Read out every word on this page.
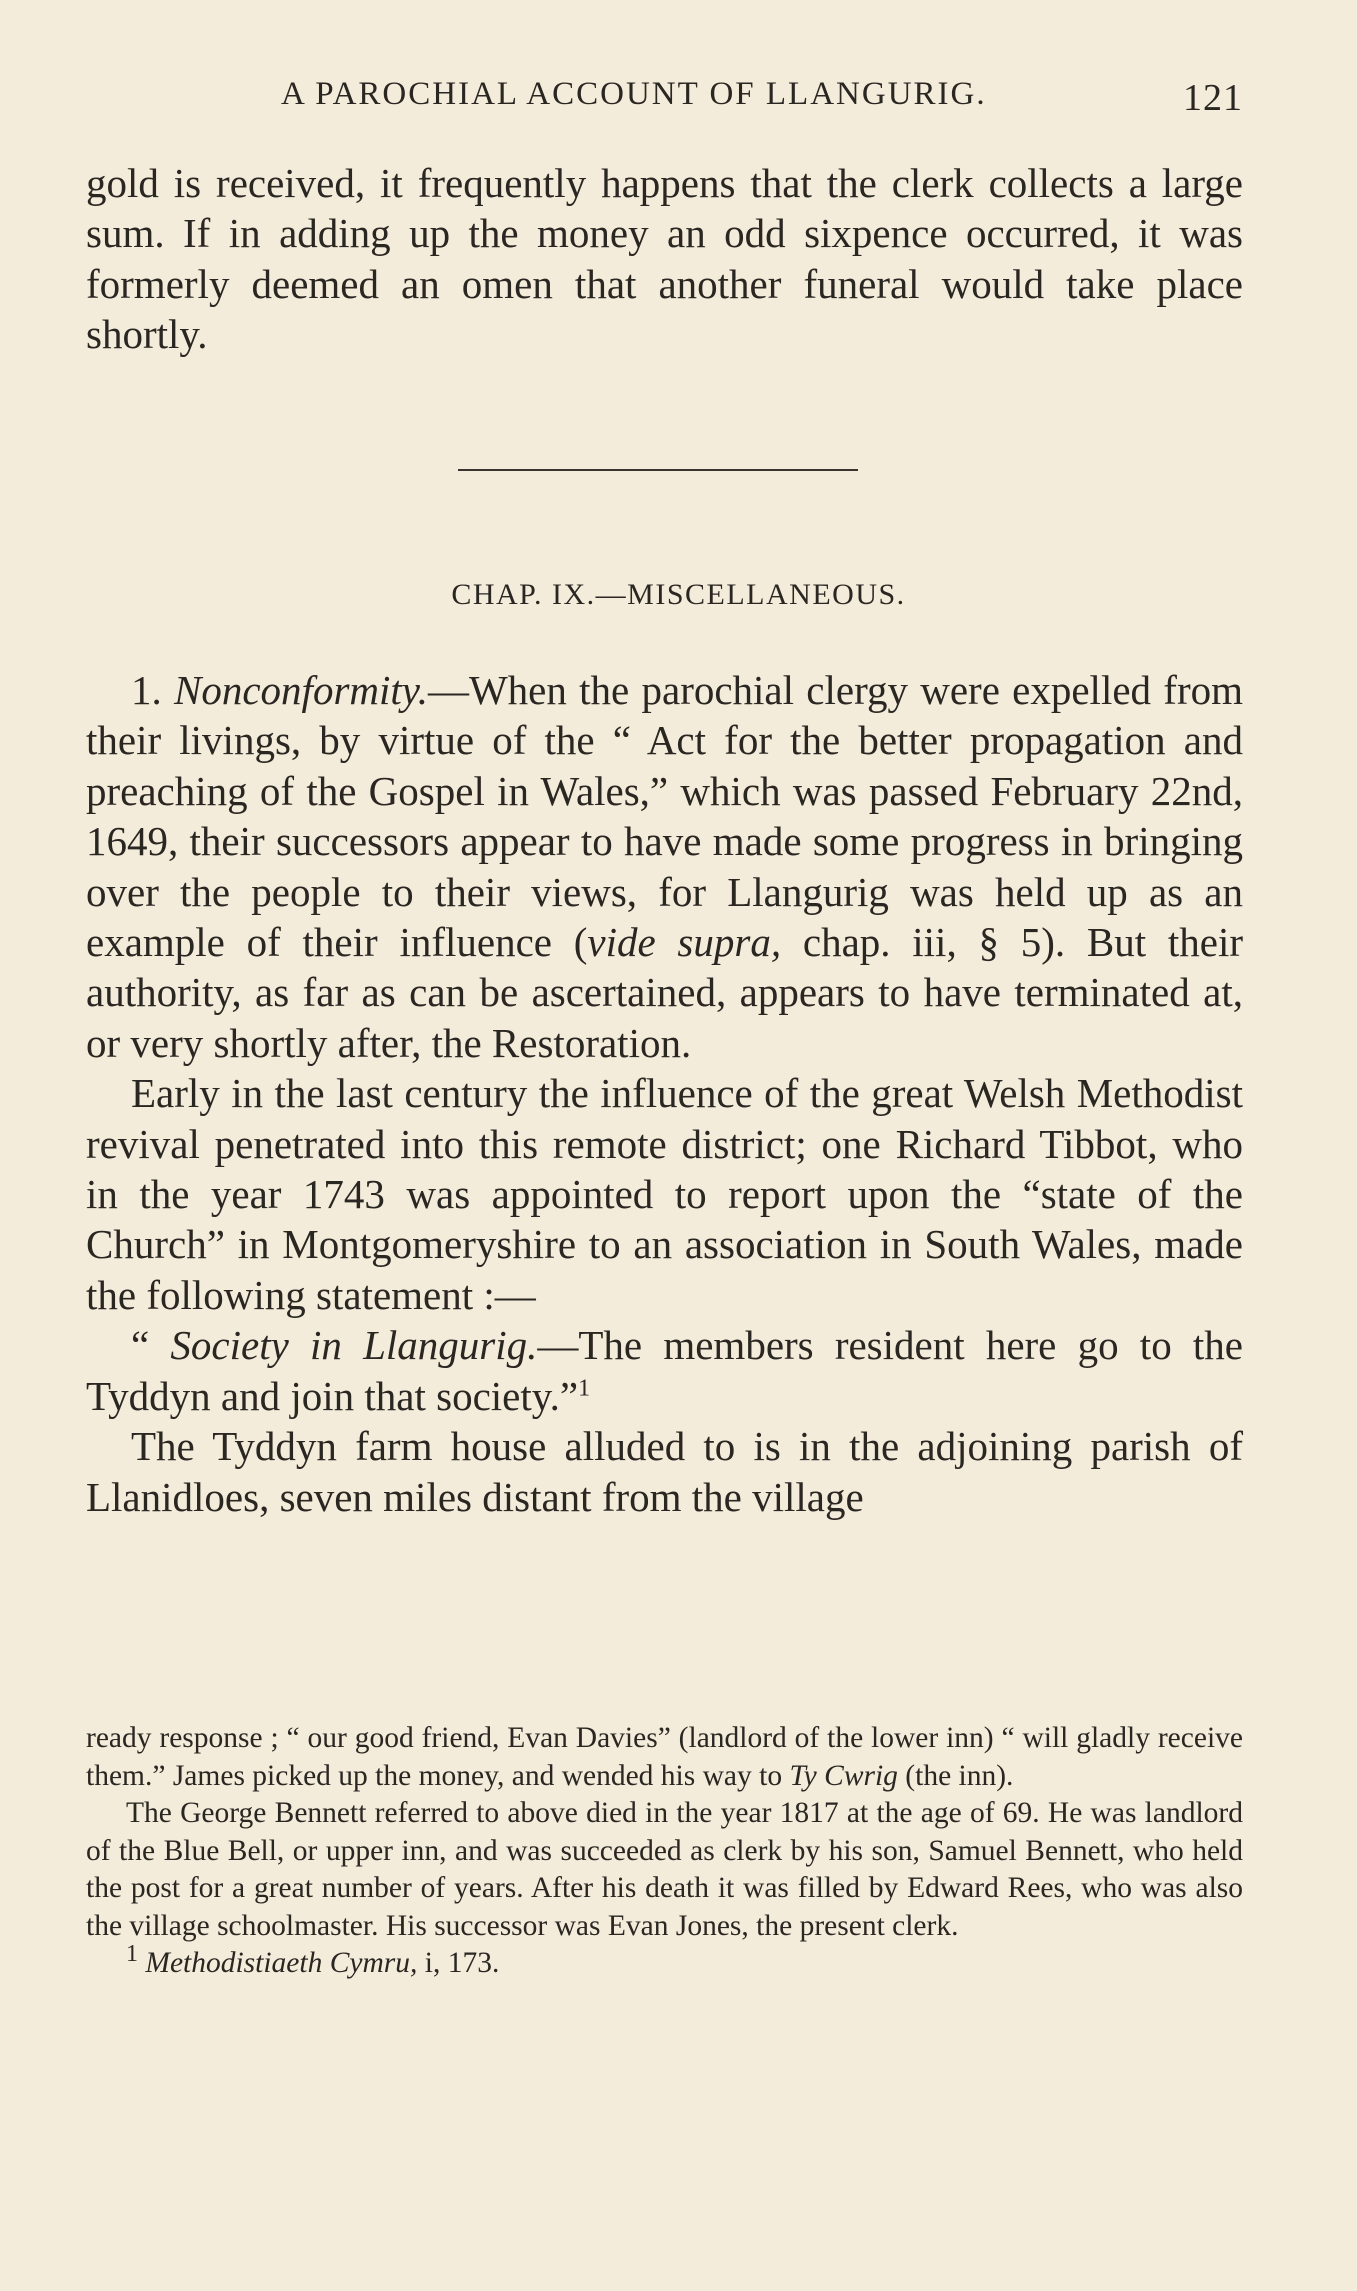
A PAROCHIAL ACCOUNT OF LLANGURIG.	121

gold is received, it frequently happens that the clerk collects a large sum. If in adding up the money an odd sixpence occurred, it was formerly deemed an omen that another funeral would take place shortly.

CHAP. IX.—MISCELLANEOUS.

1. Nonconformity.—When the parochial clergy were expelled from their livings, by virtue of the “ Act for the better propagation and preaching of the Gospel in Wales,” which was passed February 22nd, 1649, their successors appear to have made some progress in bringing over the people to their views, for Llangurig was held up as an example of their influence (vide supra, chap. iii, § 5). But their authority, as far as can be ascertained, appears to have terminated at, or very shortly after, the Restoration.

Early in the last century the influence of the great Welsh Methodist revival penetrated into this remote district; one Richard Tibbot, who in the year 1743 was appointed to report upon the “state of the Church” in Montgomeryshire to an association in South Wales, made the following statement :—

“ Society in Llangurig.—The members resident here go to the Tyddyn and join that society.”$^1$

The Tyddyn farm house alluded to is in the adjoining parish of Llanidloes, seven miles distant from the village

ready response ; “ our good friend, Evan Davies” (landlord of the lower inn) “ will gladly receive them.” James picked up the money, and wended his way to Ty Cwrig (the inn).

The George Bennett referred to above died in the year 1817 at the age of 69. He was landlord of the Blue Bell, or upper inn, and was succeeded as clerk by his son, Samuel Bennett, who held the post for a great number of years. After his death it was filled by Edward Rees, who was also the village schoolmaster. His successor was Evan Jones, the present clerk.

$^1$ Methodistiaeth Cymru, i, 173.
